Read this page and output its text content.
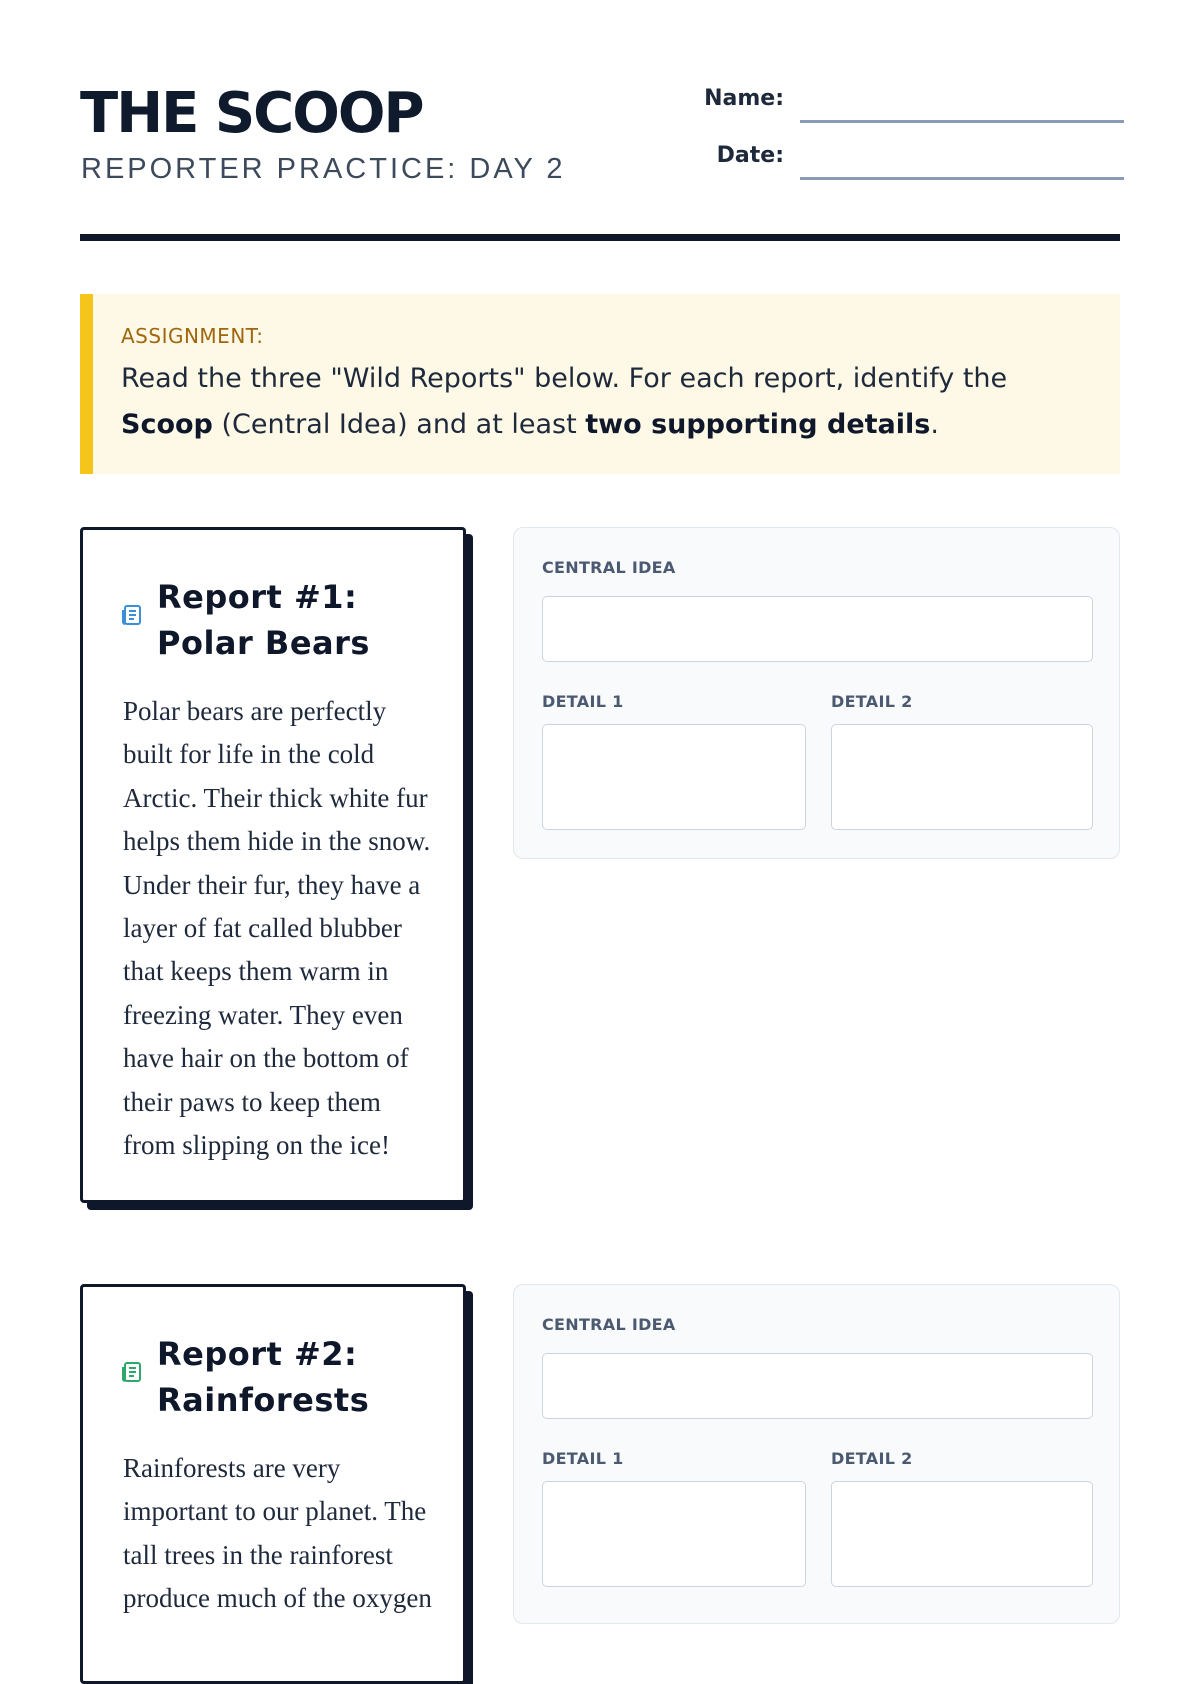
THE SCOOP
REPORTER PRACTICE: DAY 2
Name:
Date:
ASSIGNMENT:
Read the three "Wild Reports" below. For each report, identify the Scoop (Central Idea) and at least two supporting details.
Report #1: Polar Bears
Polar bears are perfectly built for life in the cold Arctic. Their thick white fur helps them hide in the snow. Under their fur, they have a layer of fat called blubber that keeps them warm in freezing water. They even have hair on the bottom of their paws to keep them from slipping on the ice!
CENTRAL IDEA
DETAIL 1	DETAIL 2
Report #2: Rainforests
Rainforests are very important to our planet. The tall trees in the rainforest produce much of the oxygen
CENTRAL IDEA
DETAIL 1	DETAIL 2
